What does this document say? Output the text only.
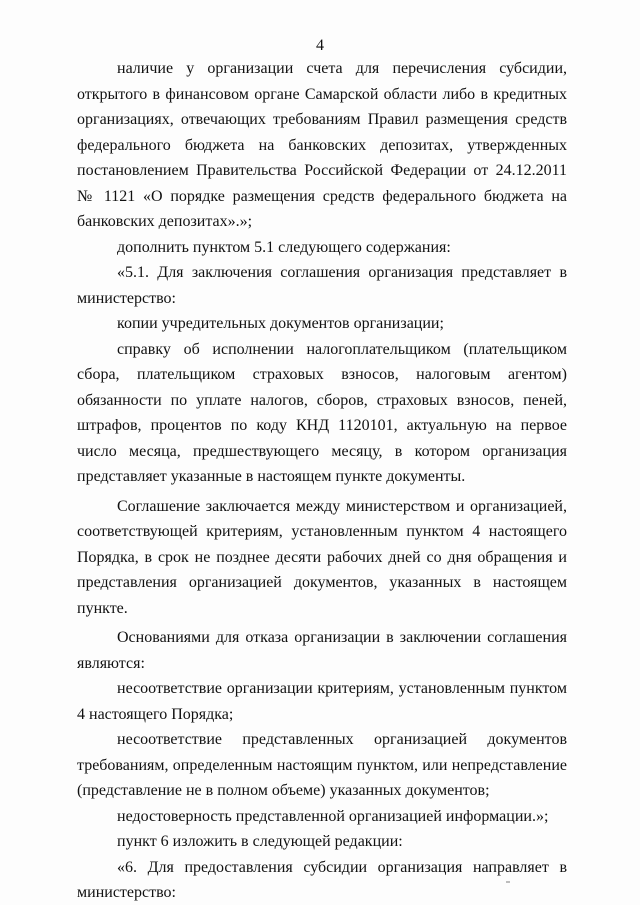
4

наличие у организации счета для перечисления субсидии, открытого в финансовом органе Самарской области либо в кредитных организациях, отвечающих требованиям Правил размещения средств федерального бюджета на банковских депозитах, утвержденных постановлением Правительства Российской Федерации от 24.12.2011 № 1121 «О порядке размещения средств федерального бюджета на банковских депозитах».»;

дополнить пунктом 5.1 следующего содержания:

«5.1. Для заключения соглашения организация представляет в министерство:

копии учредительных документов организации;

справку об исполнении налогоплательщиком (плательщиком сбора, плательщиком страховых взносов, налоговым агентом) обязанности по уплате налогов, сборов, страховых взносов, пеней, штрафов, процентов по коду КНД 1120101, актуальную на первое число месяца, предшествующего месяцу, в котором организация представляет указанные в настоящем пункте документы.

Соглашение заключается между министерством и организацией, соответствующей критериям, установленным пунктом 4 настоящего Порядка, в срок не позднее десяти рабочих дней со дня обращения и представления организацией документов, указанных в настоящем пункте.

Основаниями для отказа организации в заключении соглашения являются:

несоответствие организации критериям, установленным пунктом 4 настоящего Порядка;

несоответствие представленных организацией документов требованиям, определенным настоящим пунктом, или непредставление (представление не в полном объеме) указанных документов;

недостоверность представленной организацией информации.»;

пункт 6 изложить в следующей редакции:

«6. Для предоставления субсидии организация направляет в министерство:
